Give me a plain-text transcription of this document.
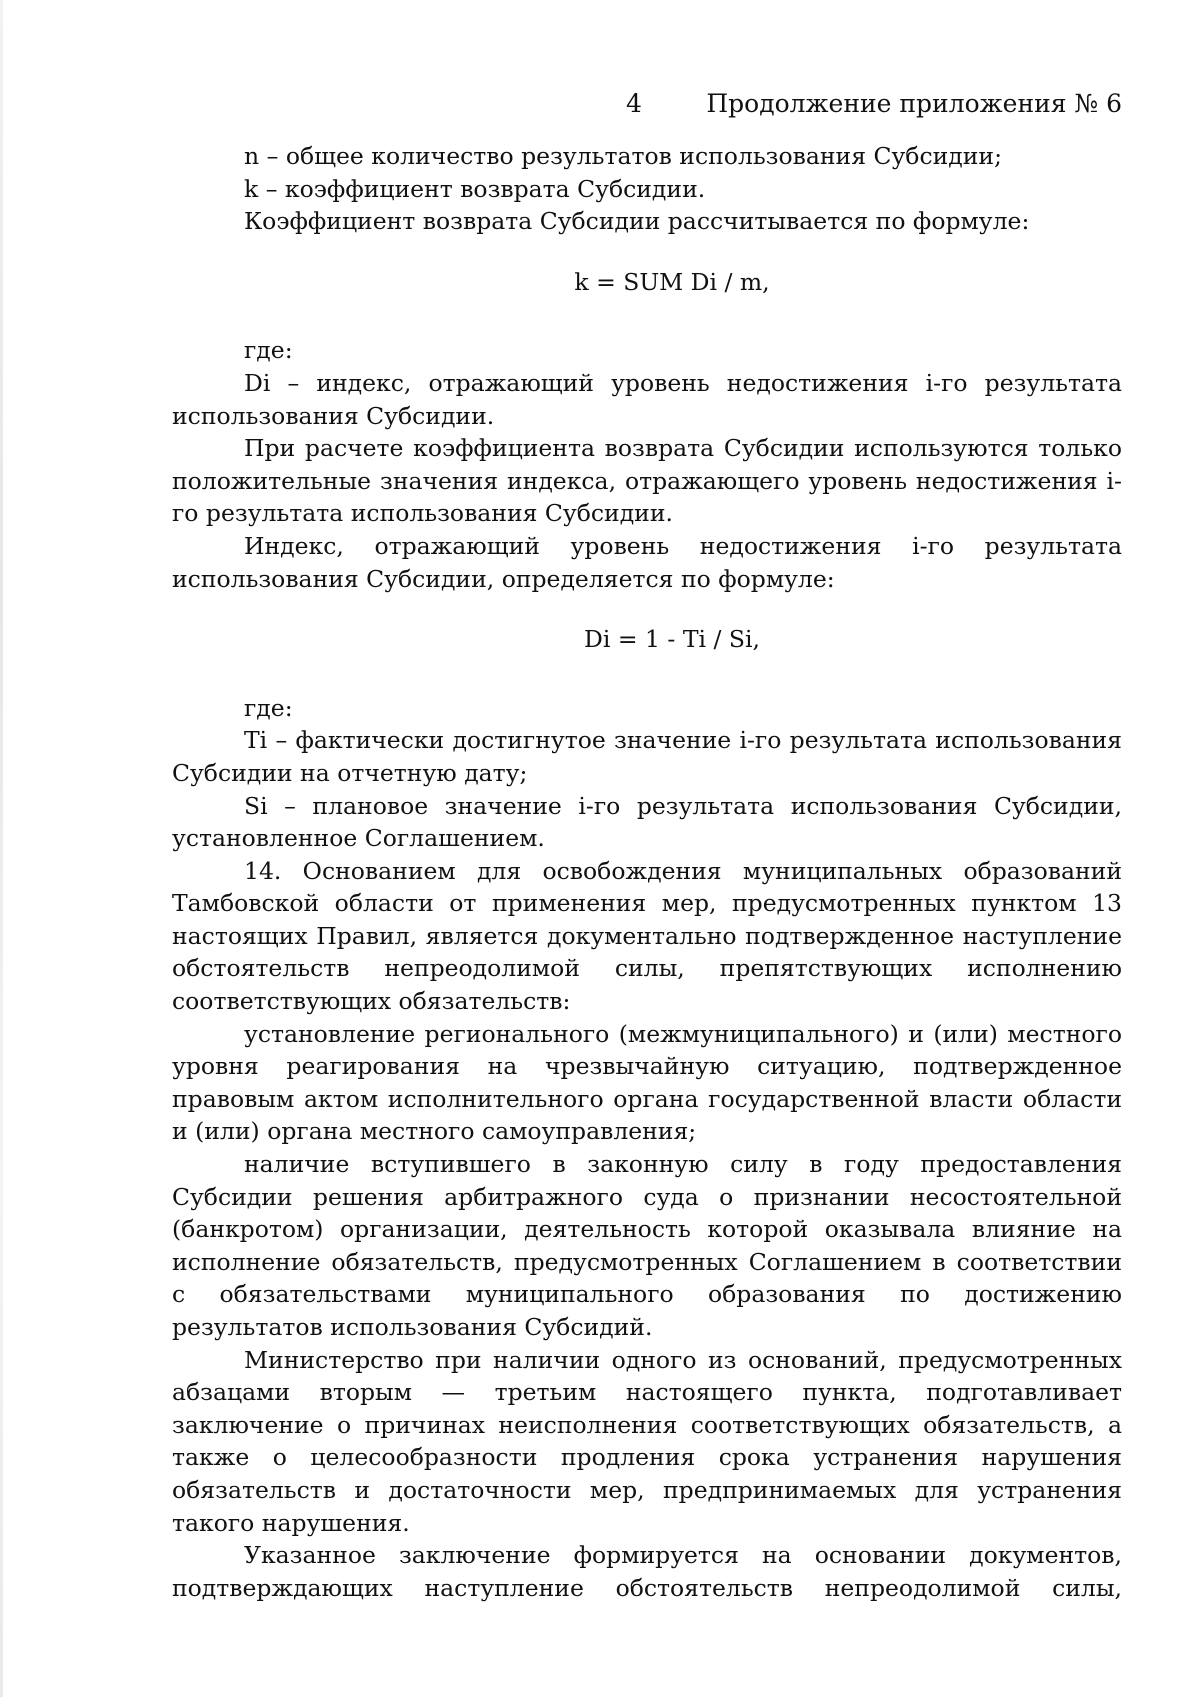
4	Продолжение приложения № 6

n – общее количество результатов использования Субсидии;

k – коэффициент возврата Субсидии.

Коэффициент возврата Субсидии рассчитывается по формуле:

k = SUM Di / m,

где:

Di – индекс, отражающий уровень недостижения i-го результата использования Субсидии.

При расчете коэффициента возврата Субсидии используются только положительные значения индекса, отражающего уровень недостижения i-го результата использования Субсидии.

Индекс, отражающий уровень недостижения i-го результата использования Субсидии, определяется по формуле:

Di = 1 - Ti / Si,

где:

Ti – фактически достигнутое значение i-го результата использования Субсидии на отчетную дату;

Si – плановое значение i-го результата использования Субсидии, установленное Соглашением.

14. Основанием для освобождения муниципальных образований Тамбовской области от применения мер, предусмотренных пунктом 13 настоящих Правил, является документально подтвержденное наступление обстоятельств непреодолимой силы, препятствующих исполнению соответствующих обязательств:

установление регионального (межмуниципального) и (или) местного уровня реагирования на чрезвычайную ситуацию, подтвержденное правовым актом исполнительного органа государственной власти области и (или) органа местного самоуправления;

наличие вступившего в законную силу в году предоставления Субсидии решения арбитражного суда о признании несостоятельной (банкротом) организации, деятельность которой оказывала влияние на исполнение обязательств, предусмотренных Соглашением в соответствии с обязательствами муниципального образования по достижению результатов использования Субсидий.

Министерство при наличии одного из оснований, предусмотренных абзацами вторым — третьим настоящего пункта, подготавливает заключение о причинах неисполнения соответствующих обязательств, а также о целесообразности продления срока устранения нарушения обязательств и достаточности мер, предпринимаемых для устранения такого нарушения.

Указанное заключение формируется на основании документов, подтверждающих наступление обстоятельств непреодолимой силы,
